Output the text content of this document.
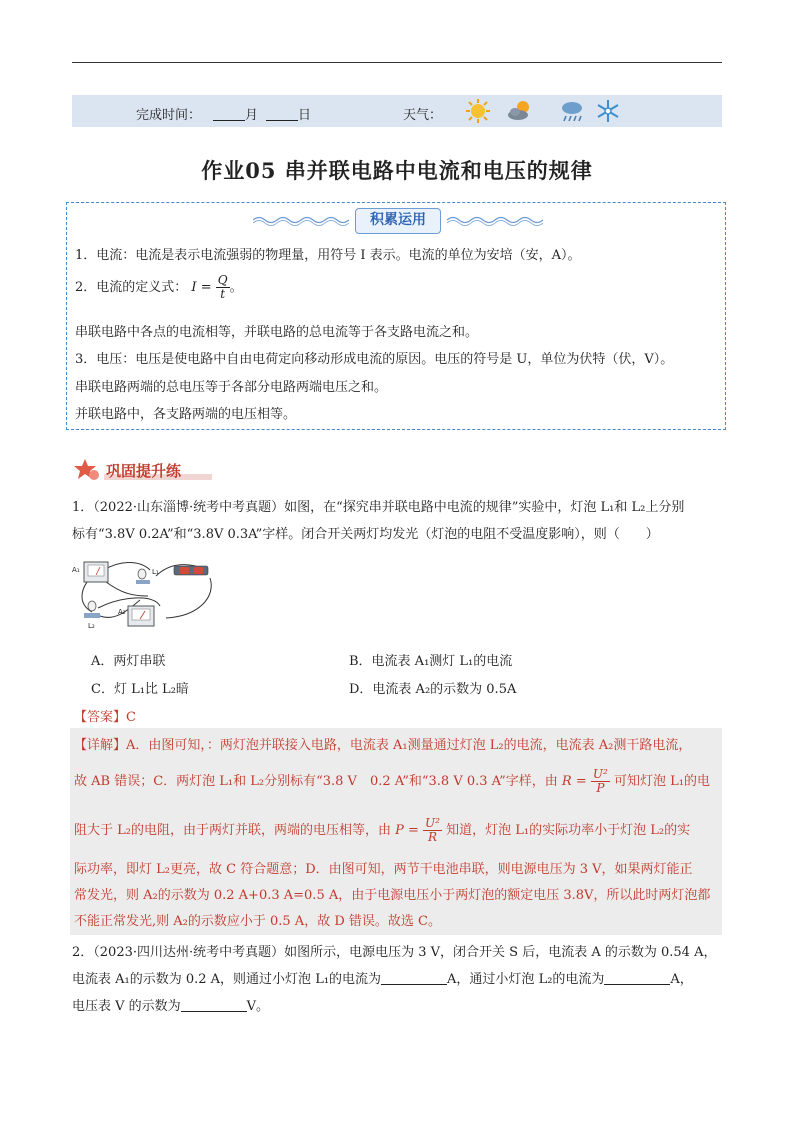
完成时间：	月	日	天气：
作业05 串并联电路中电流和电压的规律
积累运用
1．电流：电流是表示电流强弱的物理量，用符号 I 表示。电流的单位为安培（安，A）。
2．电流的定义式： $I = \frac{Q}{t}$ 。
串联电路中各点的电流相等，并联电路的总电流等于各支路电流之和。
3．电压：电压是使电路中自由电荷定向移动形成电流的原因。电压的符号是 U，单位为伏特（伏，V）。
串联电路两端的总电压等于各部分电路两端电压之和。
并联电路中，各支路两端的电压相等。
巩固提升练
1．（2022·山东淄博·统考中考真题）如图，在“探究串并联电路中电流的规律”实验中，灯泡 L₁和 L₂上分别
标有“3.8V 0.2A”和“3.8V 0.3A”字样。闭合开关两灯均发光（灯泡的电阻不受温度影响），则（　　）
A₁	L₁
L₂
A₂
A．两灯串联	B．电流表 A₁测灯 L₁的电流
C．灯 L₁比 L₂暗	D．电流表 A₂的示数为 0.5A
【答案】C
【详解】A．由图可知，：两灯泡并联接入电路，电流表 A₁测量通过灯泡 L₂的电流，电流表 A₂测干路电流，
故 AB 错误；C．两灯泡 L₁和 L₂分别标有“3.8 V　0.2 A”和“3.8 V 0.3 A”字样，由 $R = \frac{\text{U²}}{P}$ 可知灯泡 L₁的电
阻大于 L₂的电阻，由于两灯并联，两端的电压相等，由 $P = \frac{\text{U²}}{R}$ 知道，灯泡 L₁的实际功率小于灯泡 L₂的实
际功率，即灯 L₂更亮，故 C 符合题意；D．由图可知，两节干电池串联，则电源电压为 3 V，如果两灯能正
常发光，则 A₂的示数为 0.2 A+0.3 A=0.5 A，由于电源电压小于两灯泡的额定电压 3.8V，所以此时两灯泡都
不能正常发光,则 A₂的示数应小于 0.5 A，故 D 错误。故选 C。
2．（2023·四川达州·统考中考真题）如图所示，电源电压为 3 V，闭合开关 S 后，电流表 A 的示数为 0.54 A，
电流表 A₁的示数为 0.2 A，则通过小灯泡 L₁的电流为	A，通过小灯泡 L₂的电流为	A，
电压表 V 的示数为	V。
